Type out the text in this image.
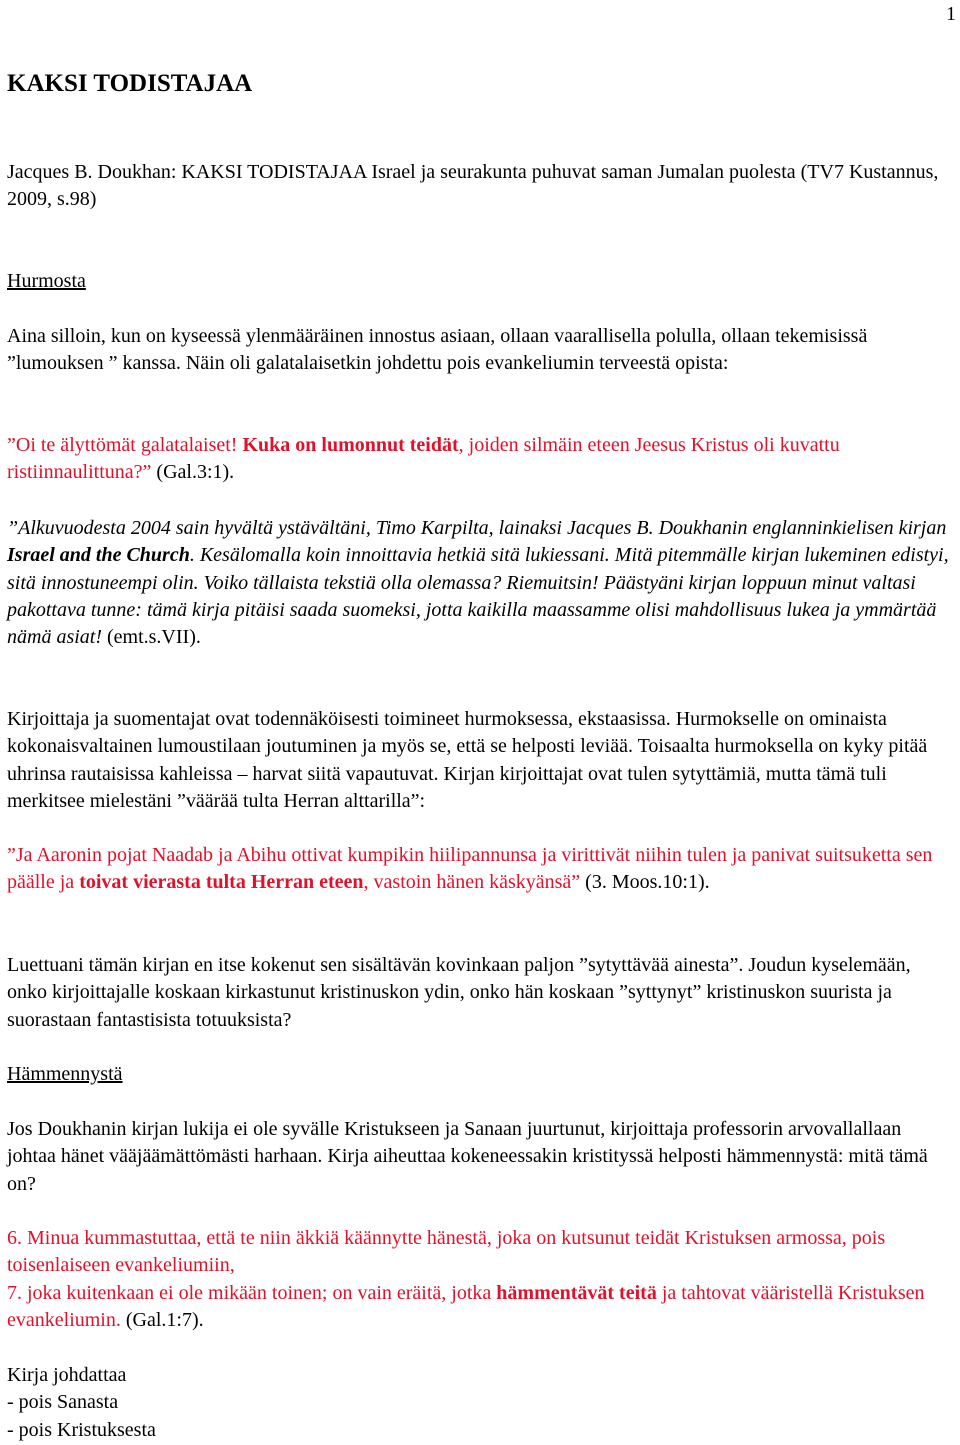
1
KAKSI TODISTAJAA

Jacques B. Doukhan: KAKSI TODISTAJAA Israel ja seurakunta puhuvat saman Jumalan puolesta (TV7 Kustannus, 2009, s.98)

Hurmosta

Aina silloin, kun on kyseessä ylenmääräinen innostus asiaan, ollaan vaarallisella polulla, ollaan tekemisissä ”lumouksen ” kanssa. Näin oli galatalaisetkin johdettu pois evankeliumin terveestä opista:

”Oi te älyttömät galatalaiset! Kuka on lumonnut teidät, joiden silmäin eteen Jeesus Kristus oli kuvattu ristiinnaulittuna?” (Gal.3:1).

”Alkuvuodesta 2004 sain hyvältä ystävältäni, Timo Karpilta, lainaksi Jacques B. Doukhanin englanninkielisen kirjan Israel and the Church. Kesälomalla koin innoittavia hetkiä sitä lukiessani. Mitä pitemmälle kirjan lukeminen edistyi, sitä innostuneempi olin. Voiko tällaista tekstiä olla olemassa? Riemuitsin! Päästyäni kirjan loppuun minut valtasi pakottava tunne: tämä kirja pitäisi saada suomeksi, jotta kaikilla maassamme olisi mahdollisuus lukea ja ymmärtää nämä asiat! (emt.s.VII).

Kirjoittaja ja suomentajat ovat todennäköisesti toimineet hurmoksessa, ekstaasissa. Hurmokselle on ominaista kokonaisvaltainen lumoustilaan joutuminen ja myös se, että se helposti leviää. Toisaalta hurmoksella on kyky pitää uhrinsa rautaisissa kahleissa – harvat siitä vapautuvat. Kirjan kirjoittajat ovat tulen sytyttämiä, mutta tämä tuli merkitsee mielestäni ”väärää tulta Herran alttarilla”:

”Ja Aaronin pojat Naadab ja Abihu ottivat kumpikin hiilipannunsa ja virittivät niihin tulen ja panivat suitsuketta sen päälle ja toivat vierasta tulta Herran eteen, vastoin hänen käskyänsä” (3. Moos.10:1).

Luettuani tämän kirjan en itse kokenut sen sisältävän kovinkaan paljon ”sytyttävää ainesta”. Joudun kyselemään, onko kirjoittajalle koskaan kirkastunut kristinuskon ydin, onko hän koskaan ”syttynyt” kristinuskon suurista ja suorastaan fantastisista totuuksista?

Hämmennystä

Jos Doukhanin kirjan lukija ei ole syvälle Kristukseen ja Sanaan juurtunut, kirjoittaja professorin arvovallallaan johtaa hänet vääjäämättömästi harhaan. Kirja aiheuttaa kokeneessakin kristityssä helposti hämmennystä: mitä tämä on?

6. Minua kummastuttaa, että te niin äkkiä käännytte hänestä, joka on kutsunut teidät Kristuksen armossa, pois toisenlaiseen evankeliumiin,
7. joka kuitenkaan ei ole mikään toinen; on vain eräitä, jotka hämmentävät teitä ja tahtovat vääristellä Kristuksen evankeliumin. (Gal.1:7).
Kirja johdattaa
- pois Sanasta
- pois Kristuksesta
